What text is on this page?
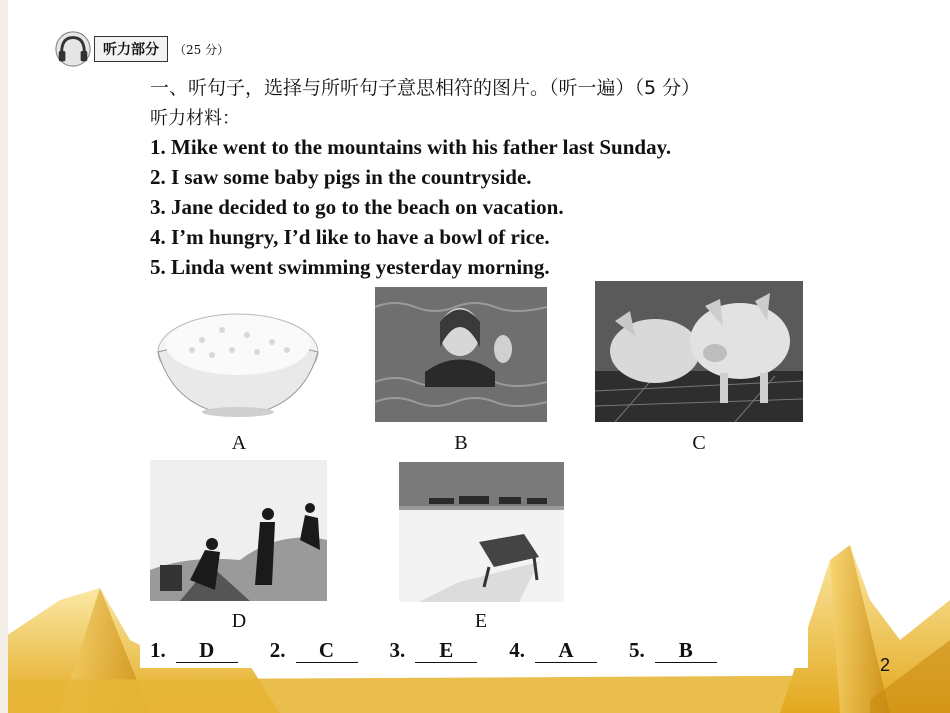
听力部分	（25 分）
一、听句子，选择与所听句子意思相符的图片。（听一遍）（5 分）
听力材料：
1. Mike went to the mountains with his father last Sunday.
2. I saw some baby pigs in the countryside.
3. Jane decided to go to the beach on vacation.
4. I’m hungry, I’d like to have a bowl of rice.
5. Linda went swimming yesterday morning.
A	B	C
D	E
1.	D	2.	C	3.	E	4.	A	5.	B
2
